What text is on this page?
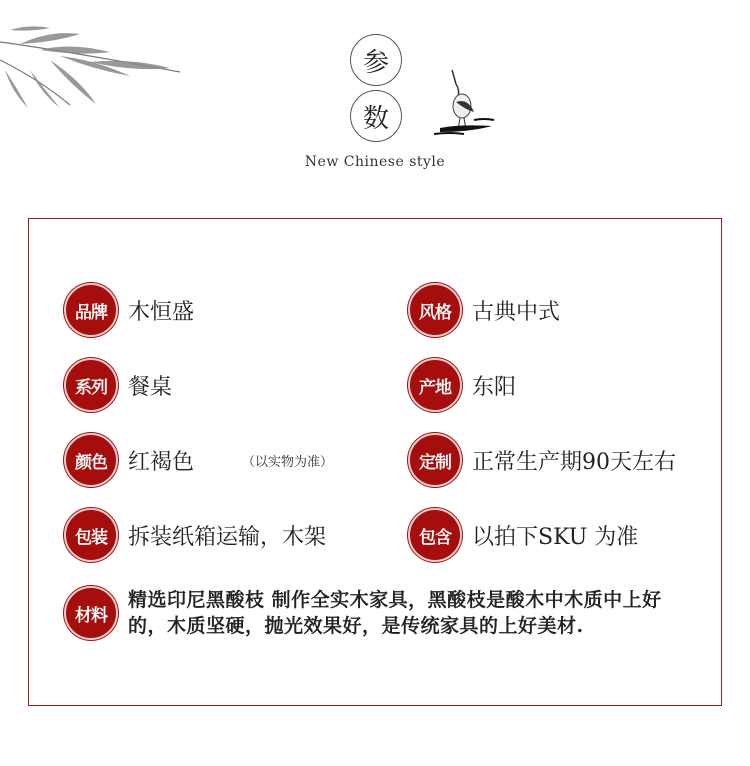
参
数
New Chinese style
品牌 木恒盛
系列 餐桌
颜色 红褐色	（以实物为准）
包装 拆装纸箱运输，木架
风格 古典中式
产地 东阳
定制 正常生产期90天左右
包含 以拍下SKU 为准
材料
精选印尼黑酸枝 制作全实木家具，黑酸枝是酸木中木质中上好的，木质坚硬，抛光效果好，是传统家具的上好美材.
